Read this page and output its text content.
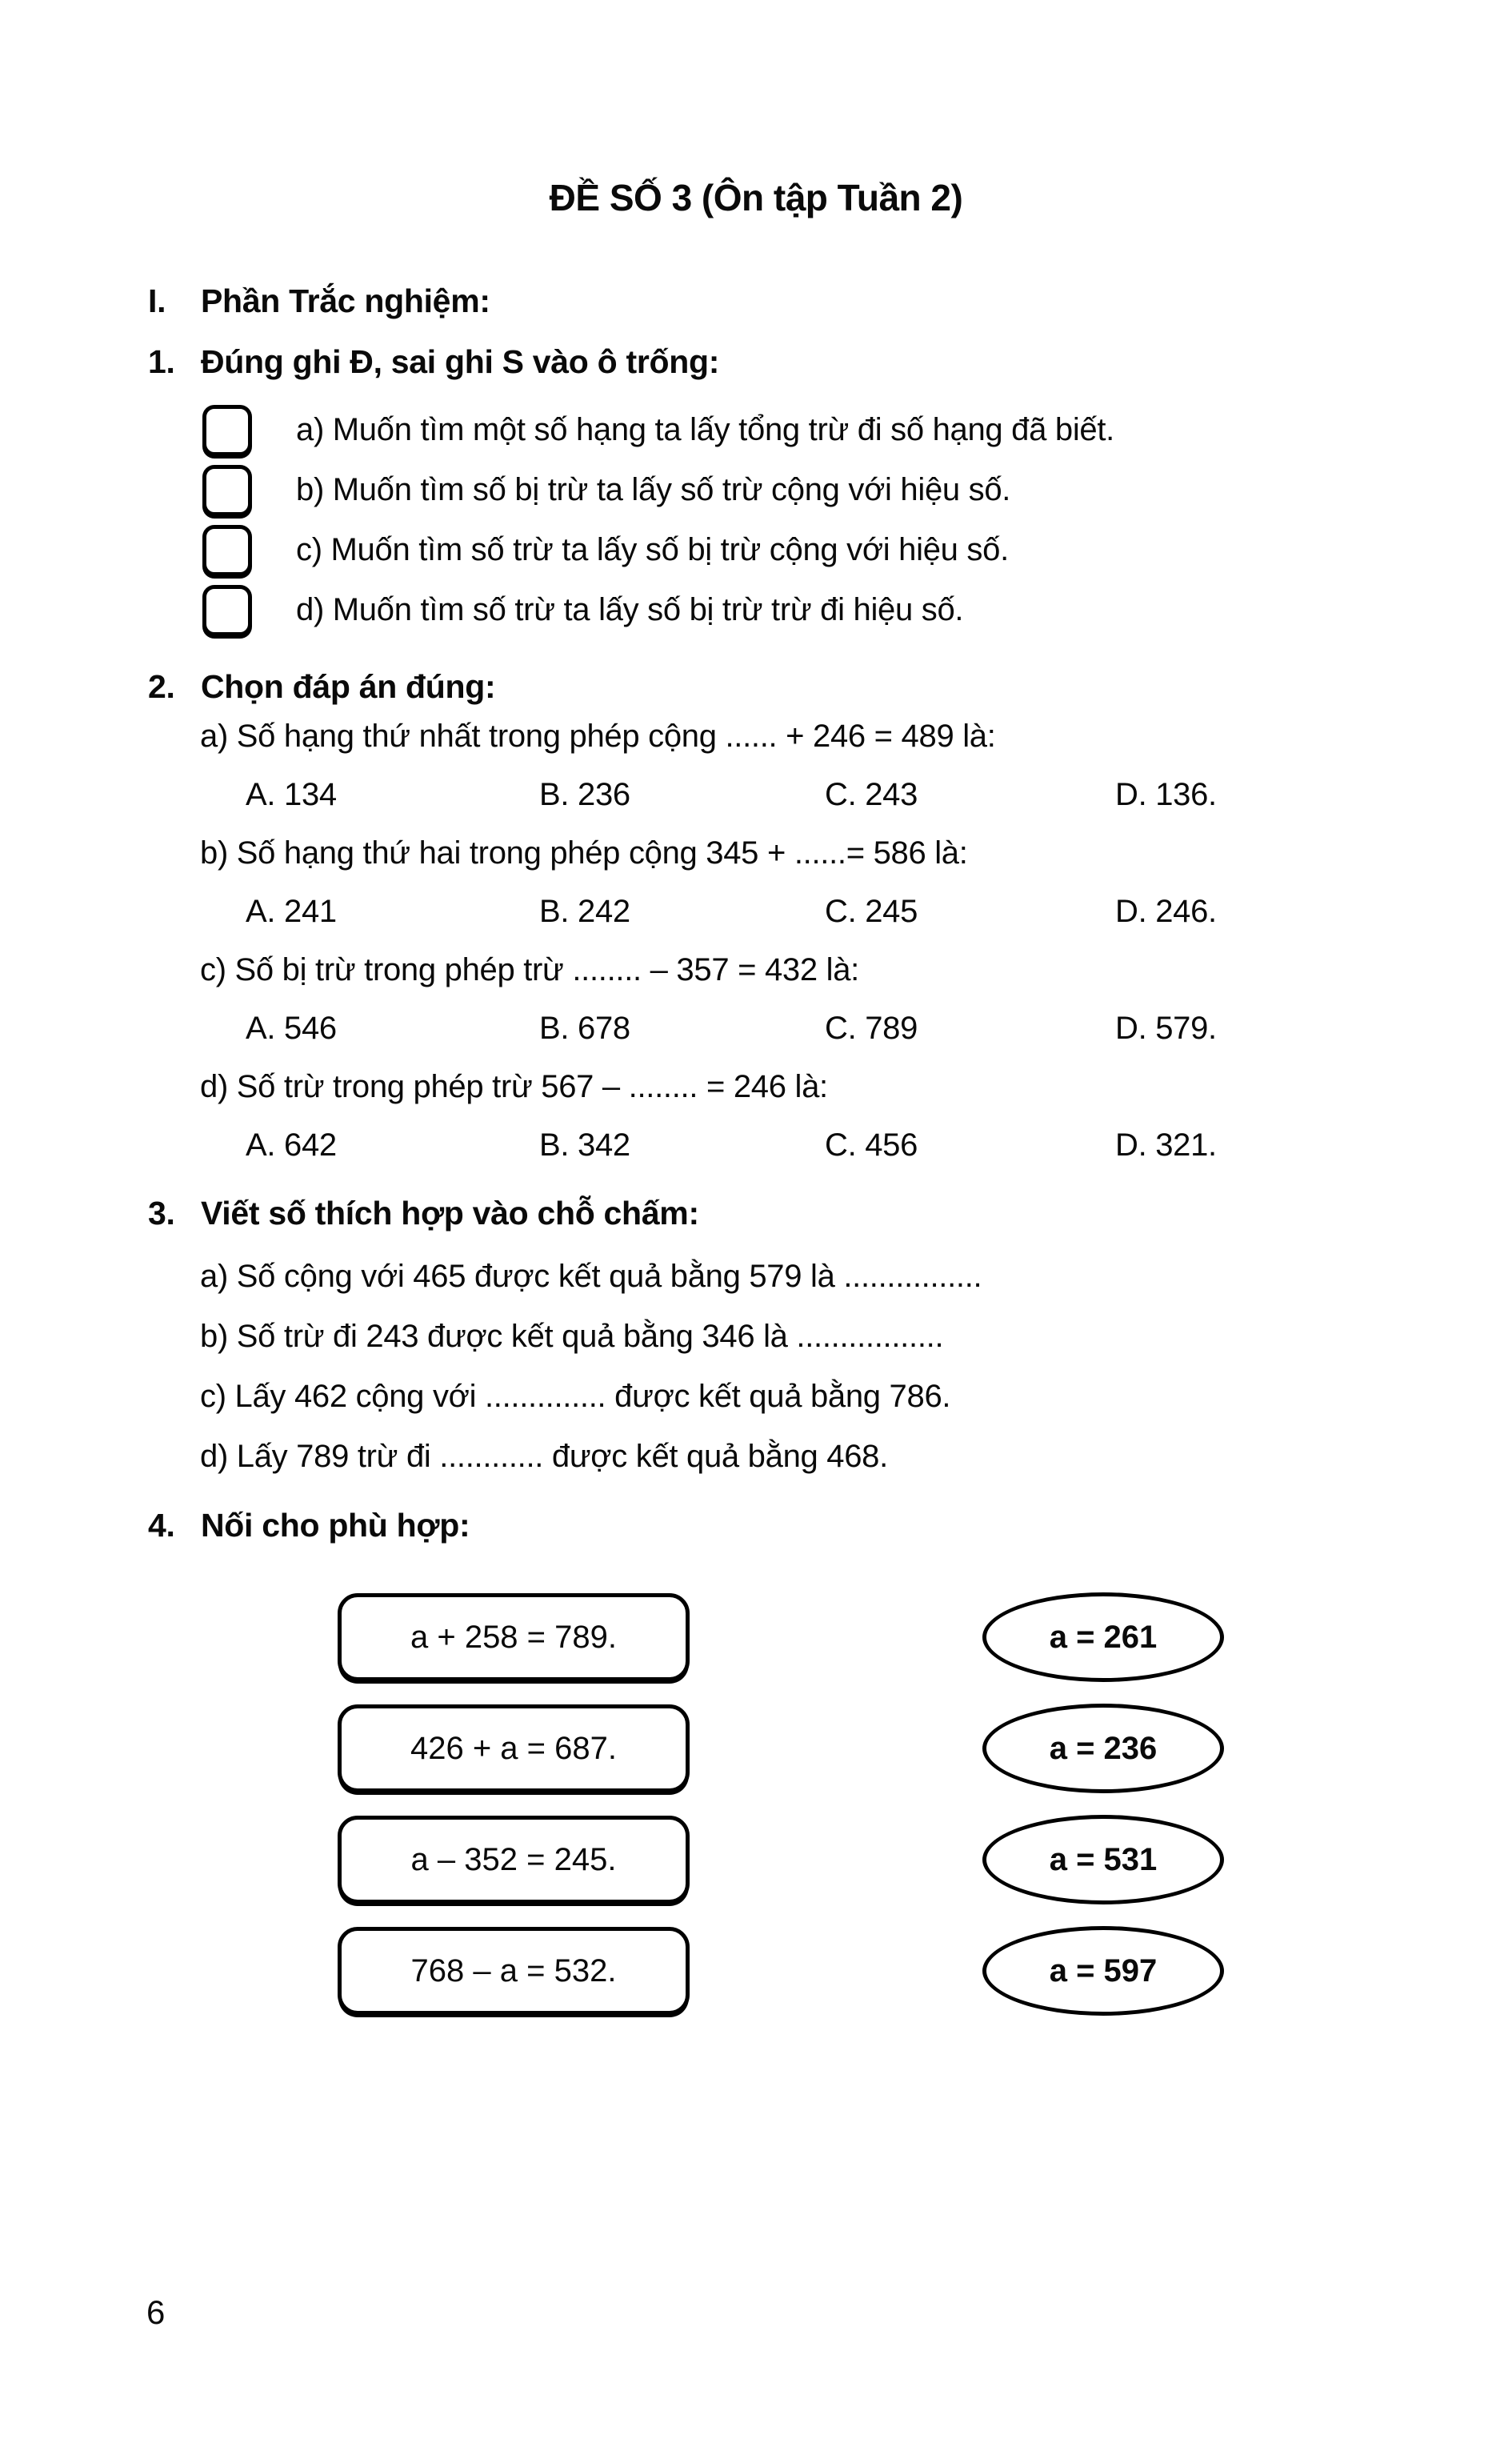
ĐỀ SỐ 3 (Ôn tập Tuần 2)
I.	Phần Trắc nghiệm:
1. Đúng ghi Đ, sai ghi S vào ô trống:
a) Muốn tìm một số hạng ta lấy tổng trừ đi số hạng đã biết.
b) Muốn tìm số bị trừ ta lấy số trừ cộng với hiệu số.
c) Muốn tìm số trừ ta lấy số bị trừ cộng với hiệu số.
d) Muốn tìm số trừ ta lấy số bị trừ trừ đi hiệu số.
2. Chọn đáp án đúng:
a) Số hạng thứ nhất trong phép cộng ...... + 246 = 489 là:
A. 134	B. 236	C. 243	D. 136.
b) Số hạng thứ hai trong phép cộng 345 + ......= 586 là:
A. 241	B. 242	C. 245	D. 246.
c) Số bị trừ trong phép trừ ........ – 357 = 432 là:
A. 546	B. 678	C. 789	D. 579.
d) Số trừ trong phép trừ 567 – ........ = 246 là:
A. 642	B. 342	C. 456	D. 321.
3. Viết số thích hợp vào chỗ chấm:
a) Số cộng với 465 được kết quả bằng 579 là ................
b) Số trừ đi 243 được kết quả bằng 346 là .................
c) Lấy 462 cộng với .............. được kết quả bằng 786.
d) Lấy 789 trừ đi ............ được kết quả bằng 468.
4. Nối cho phù hợp:
a + 258 = 789.	a = 261
426 + a = 687.	a = 236
a – 352 = 245.	a = 531
768 – a = 532.	a = 597
6
